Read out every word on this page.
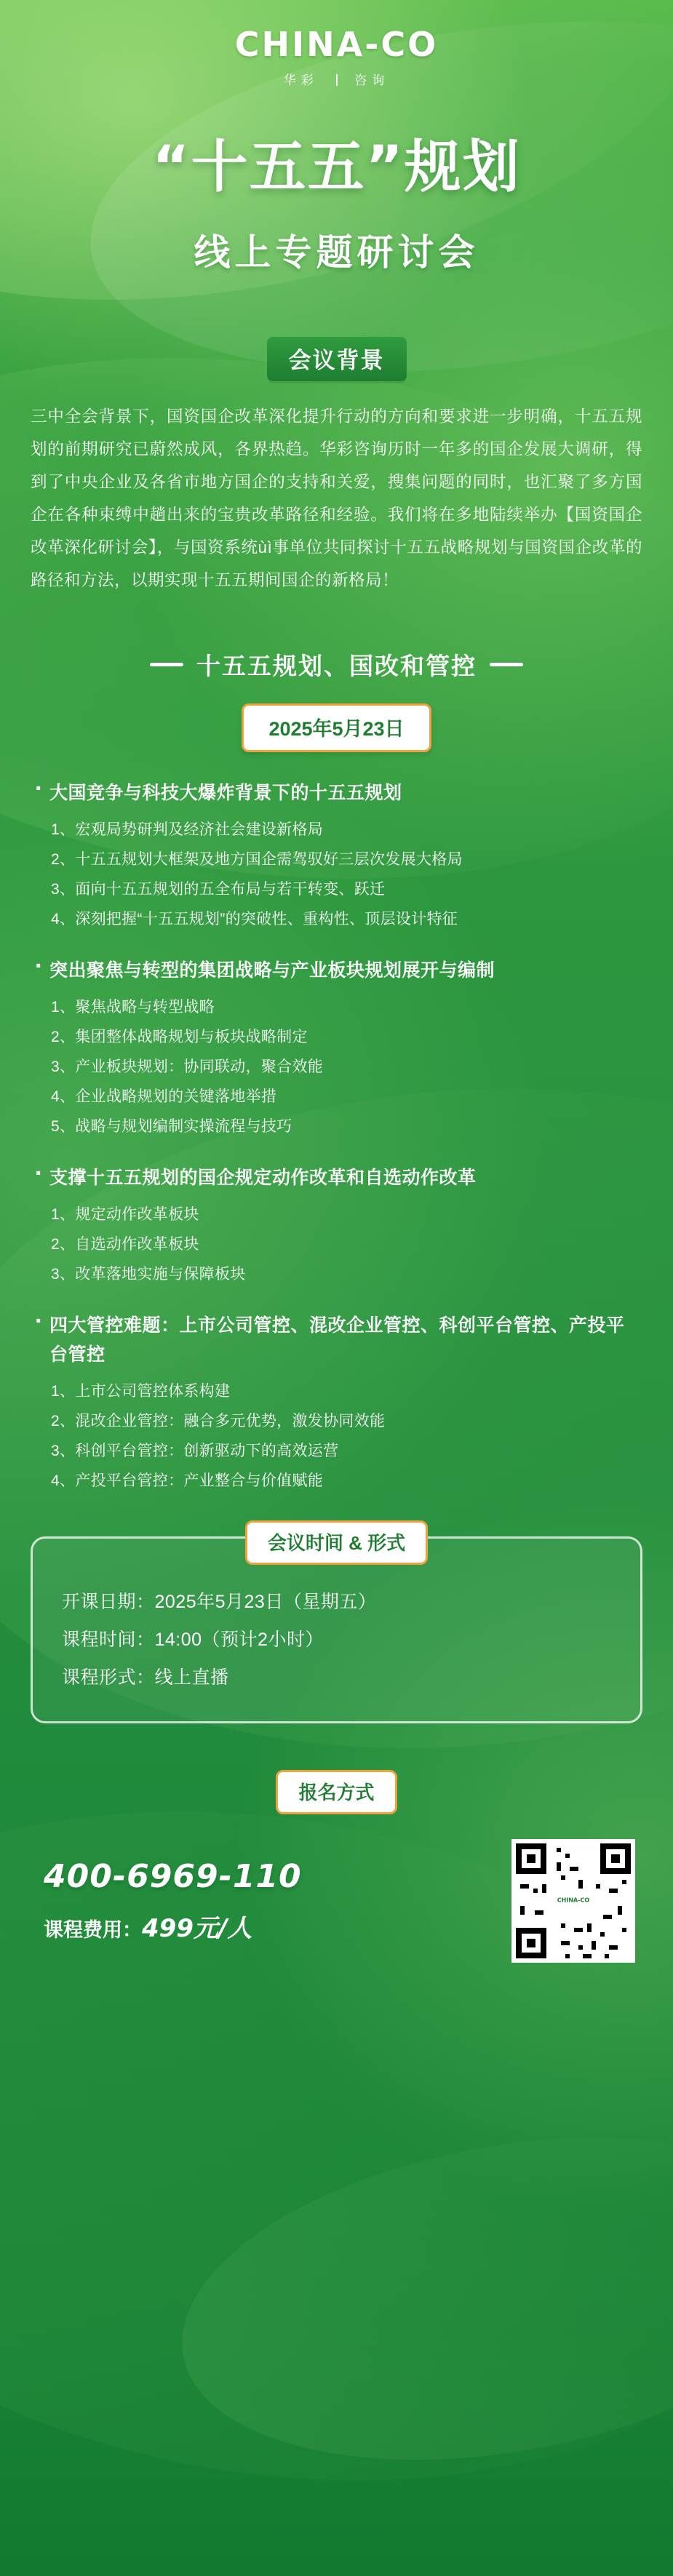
CHINA-CO
华彩	咨询
“十五五”规划
线上专题研讨会
会议背景
三中全会背景下，国资国企改革深化提升行动的方向和要求进一步明确，十五五规划的前期研究已蔚然成风，各界热趋。华彩咨询历时一年多的国企发展大调研，得到了中央企业及各省市地方国企的支持和关爱，搜集问题的同时，也汇聚了多方国企在各种束缚中趟出来的宝贵改革路径和经验。我们将在多地陆续举办【国资国企改革深化研讨会】，与国资系统ùì事单位共同探讨十五五战略规划与国资国企改革的路径和方法，以期实现十五五期间国企的新格局！
十五五规划、国改和管控
2025年5月23日
· 大国竞争与科技大爆炸背景下的十五五规划
1、宏观局势研判及经济社会建设新格局
2、十五五规划大框架及地方国企需驾驭好三层次发展大格局
3、面向十五五规划的五全布局与若干转变、跃迁
4、深刻把握“十五五规划”的突破性、重构性、顶层设计特征
· 突出聚焦与转型的集团战略与产业板块规划展开与编制
1、聚焦战略与转型战略
2、集团整体战略规划与板块战略制定
3、产业板块规划：协同联动，聚合效能
4、企业战略规划的关键落地举措
5、战略与规划编制实操流程与技巧
· 支撑十五五规划的国企规定动作改革和自选动作改革
1、规定动作改革板块
2、自选动作改革板块
3、改革落地实施与保障板块
· 四大管控难题：上市公司管控、混改企业管控、科创平台管控、产投平台管控
1、上市公司管控体系构建
2、混改企业管控：融合多元优势，激发协同效能
3、科创平台管控：创新驱动下的高效运营
4、产投平台管控：产业整合与价值赋能
会议时间 & 形式
开课日期：2025年5月23日（星期五）
课程时间：14:00（预计2小时）
课程形式：线上直播
报名方式
400-6969-110
课程费用：499元/人
CHINA-CO
